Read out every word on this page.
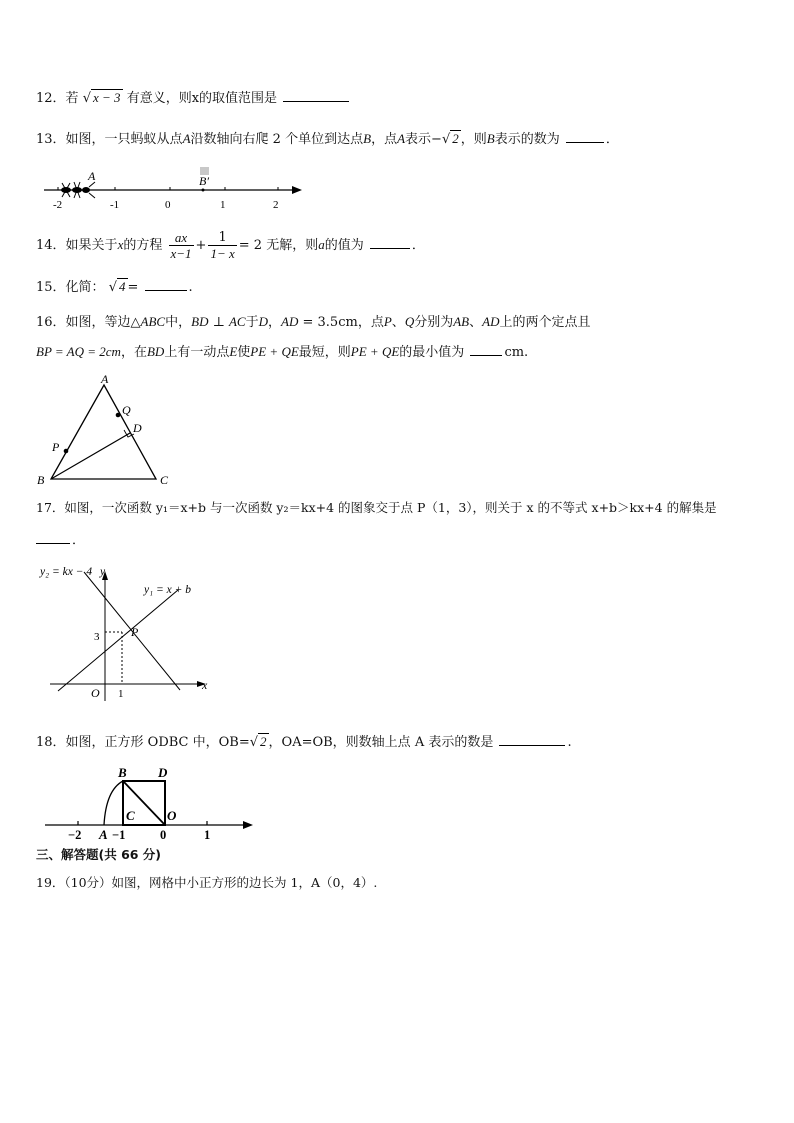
12．若 √ x − 3 有意义，则x的取值范围是
13．如图，一只蚂蚁从点A沿数轴向右爬 2 个单位到达点B，点A表示−√ 2 ，则B表示的数为	．
A	B′
-2	-1	0	1	2
14．如果关于x的方程 $\frac{ax}{x-1} + \frac{1}{1- x} = 2$ 无解，则a的值为	．
15．化简： √ 4 =	.
16．如图，等边△ABC中，BD ⊥ AC于D，AD = 3.5cm，点P、Q分别为AB、AD上的两个定点且
BP = AQ = 2cm，在BD上有一动点E使PE + QE最短，则PE + QE的最小值为	cm.
A
B	C
D
Q
P
17．如图，一次函数 y₁＝x+b 与一次函数 y₂＝kx+4 的图象交于点 P（1，3），则关于 x 的不等式 x+b＞kx+4 的解集是
．
y₂ = kx − 4 y
y₁ = x + b
P
3
O 1
x
18．如图，正方形 ODBC 中，OB=√ 2 ，OA=OB，则数轴上点 A 表示的数是	.
B D
C O
−2 A −1	0	1
三、解答题(共 66 分)
19．（10分）如图，网格中小正方形的边长为 1，A（0，4）.
